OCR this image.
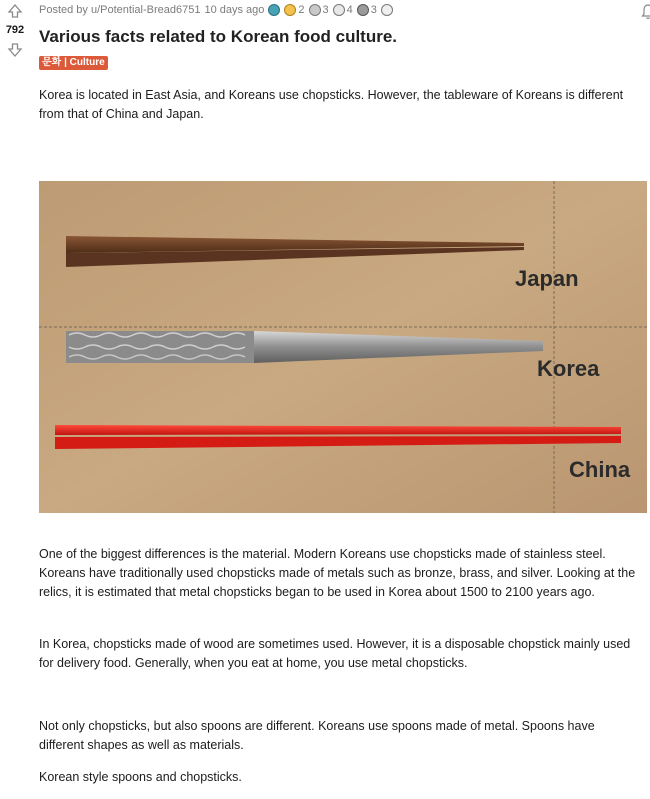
792
Posted by u/Potential-Bread6751 10 days ago	2 3 4 3
Various facts related to Korean food culture.
문화 | Culture

Korea is located in East Asia, and Koreans use chopsticks. However, the tableware of Koreans is different from that of China and Japan.

Japan
Korea
China

One of the biggest differences is the material. Modern Koreans use chopsticks made of stainless steel. Koreans have traditionally used chopsticks made of metals such as bronze, brass, and silver. Looking at the relics, it is estimated that metal chopsticks began to be used in Korea about 1500 to 2100 years ago.

In Korea, chopsticks made of wood are sometimes used. However, it is a disposable chopstick mainly used for delivery food. Generally, when you eat at home, you use metal chopsticks.

Not only chopsticks, but also spoons are different. Koreans use spoons made of metal. Spoons have different shapes as well as materials.

Korean style spoons and chopsticks.
